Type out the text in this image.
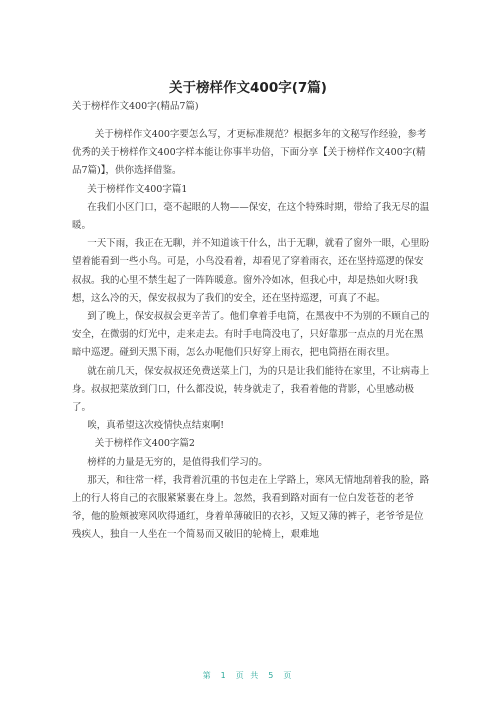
关于榜样作文400字(7篇)
关于榜样作文400字(精品7篇)

关于榜样作文400字要怎么写，才更标准规范？根据多年的文秘写作经验，参考优秀的关于榜样作文400字样本能让你事半功倍，下面分享【关于榜样作文400字(精品7篇)】，供你选择借鉴。

关于榜样作文400字篇1

在我们小区门口，毫不起眼的人物——保安，在这个特殊时期，带给了我无尽的温暖。

一天下雨，我正在无聊，并不知道该干什么，出于无聊，就看了窗外一眼，心里盼望着能看到一些小鸟。可是，小鸟没看着，却看见了穿着雨衣，还在坚持巡逻的保安叔叔。我的心里不禁生起了一阵阵暖意。窗外冷如冰，但我心中，却是热如火呀!我想，这么冷的天，保安叔叔为了我们的安全，还在坚持巡逻，可真了不起。

到了晚上，保安叔叔会更辛苦了。他们拿着手电筒，在黑夜中不为别的不顾自己的安全，在微弱的灯光中，走来走去。有时手电筒没电了，只好靠那一点点的月光在黑暗中巡逻。碰到天黑下雨，怎么办呢他们只好穿上雨衣，把电筒捂在雨衣里。

就在前几天，保安叔叔还免费送菜上门，为的只是让我们能待在家里，不让病毒上身。叔叔把菜放到门口，什么都没说，转身就走了，我看着他的背影，心里感动极了。

唉，真希望这次疫情快点结束啊!

关于榜样作文400字篇2

榜样的力量是无穷的，是值得我们学习的。

那天，和往常一样，我背着沉重的书包走在上学路上，寒风无情地刮着我的脸，路上的行人将自己的衣服紧紧裹在身上。忽然，我看到路对面有一位白发苍苍的老爷爷，他的脸颊被寒风吹得通红，身着单薄破旧的衣衫，又短又薄的裤子，老爷爷是位残疾人，独自一人坐在一个简易而又破旧的轮椅上，艰难地

第 1 页 共 5 页
